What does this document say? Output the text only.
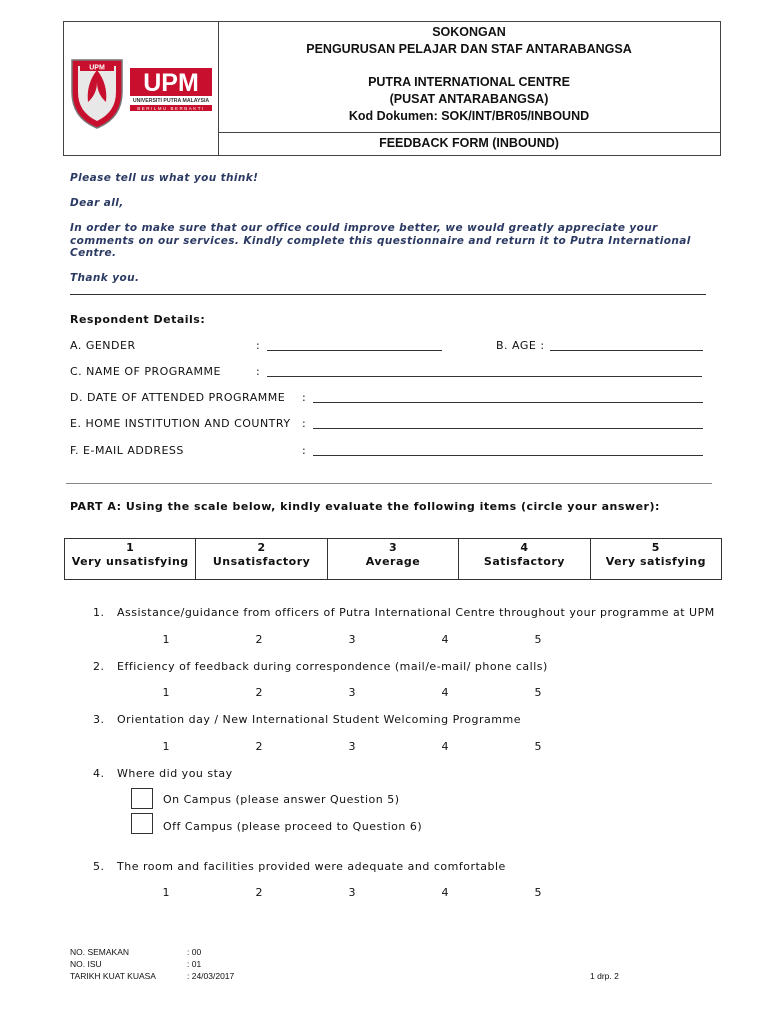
UPM
UPM
UNIVERSITI PUTRA MALAYSIA
BERILMU BERBAKTI
SOKONGAN
PENGURUSAN PELAJAR DAN STAF ANTARABANGSA
PUTRA INTERNATIONAL CENTRE
(PUSAT ANTARABANGSA)
Kod Dokumen: SOK/INT/BR05/INBOUND
FEEDBACK FORM (INBOUND)
Please tell us what you think!
Dear all,
In order to make sure that our office could improve better, we would greatly appreciate your comments on our services. Kindly complete this questionnaire and return it to Putra International Centre.
Thank you.
Respondent Details:
A. GENDER	:	B. AGE :
C. NAME OF PROGRAMME	:
D. DATE OF ATTENDED PROGRAMME :
E. HOME INSTITUTION AND COUNTRY :
F. E-MAIL ADDRESS	:
PART A: Using the scale below, kindly evaluate the following items (circle your answer):
1
Very unsatisfying
2
Unsatisfactory
3
Average
4
Satisfactory
5
Very satisfying
1. Assistance/guidance from officers of Putra International Centre throughout your programme at UPM
1	2	3	4	5
2. Efficiency of feedback during correspondence (mail/e-mail/ phone calls)
1	2	3	4	5
3. Orientation day / New International Student Welcoming Programme
1	2	3	4	5
4. Where did you stay
On Campus (please answer Question 5)
Off Campus (please proceed to Question 6)
5. The room and facilities provided were adequate and comfortable
1	2	3	4	5
NO. SEMAKAN	: 00
NO. ISU	: 01
TARIKH KUAT KUASA	: 24/03/2017	1 drp. 2
